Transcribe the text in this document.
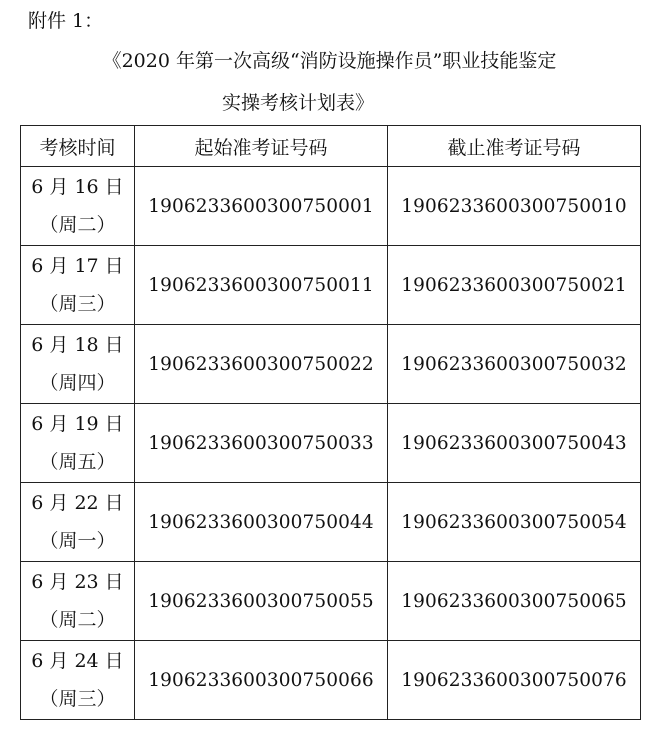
附件 1：
《2020 年第一次高级“消防设施操作员”职业技能鉴定
实操考核计划表》
考核时间	起始准考证号码	截止准考证号码

6 月 16 日
（周二）	1906233600300750001	1906233600300750010

6 月 17 日
（周三）	1906233600300750011	1906233600300750021

6 月 18 日
（周四）	1906233600300750022	1906233600300750032

6 月 19 日
（周五）	1906233600300750033	1906233600300750043

6 月 22 日
（周一）	1906233600300750044	1906233600300750054

6 月 23 日
（周二）	1906233600300750055	1906233600300750065

6 月 24 日
（周三）	1906233600300750066	1906233600300750076
